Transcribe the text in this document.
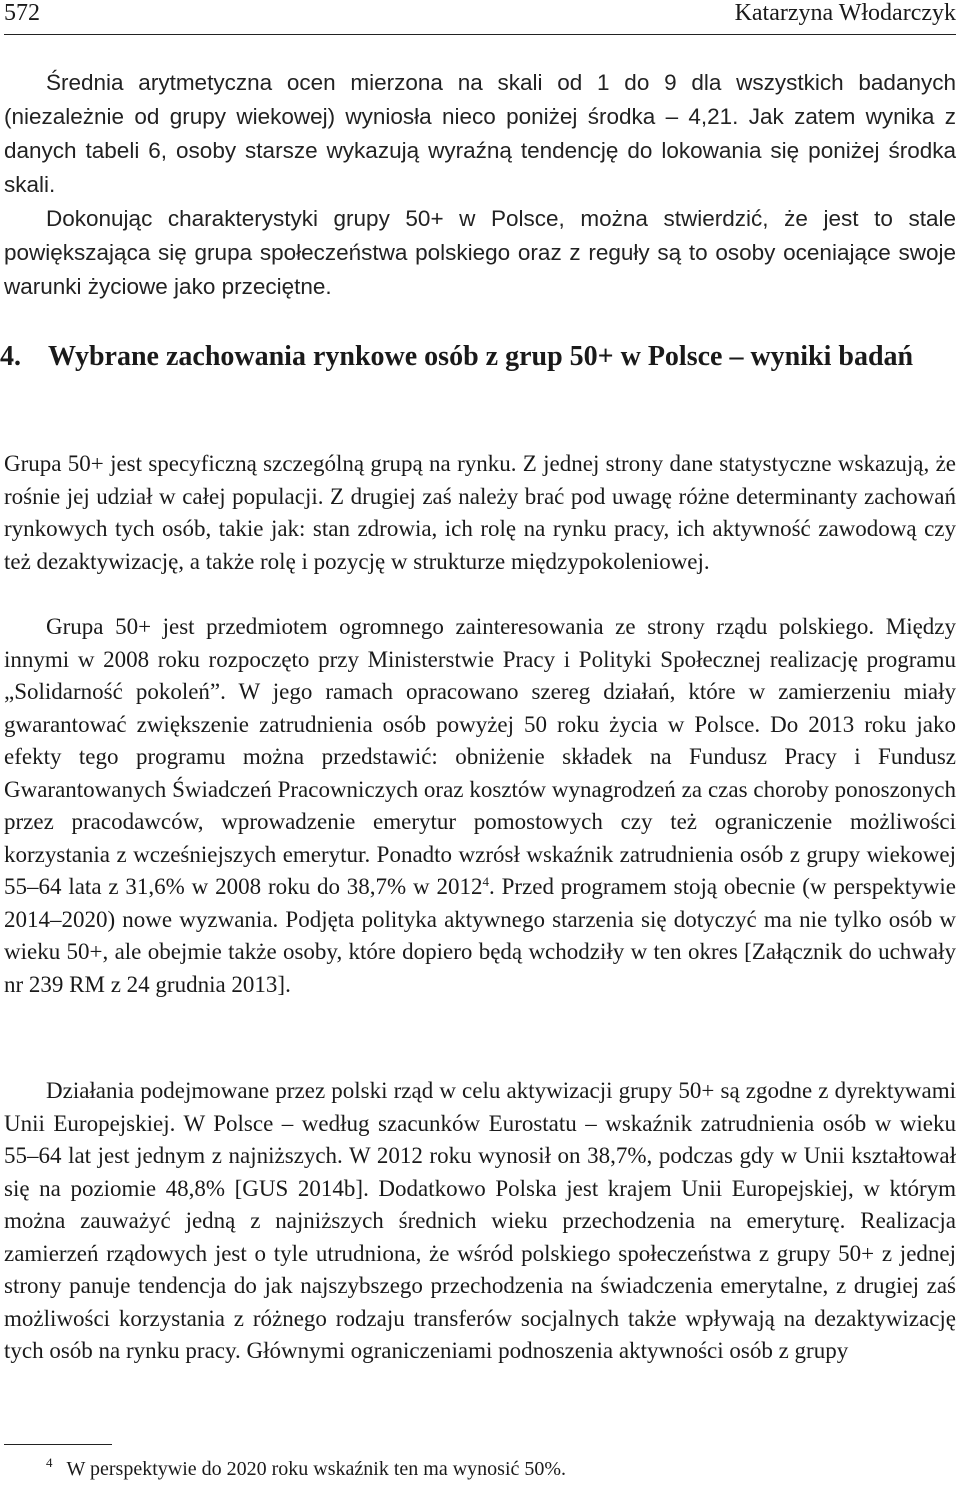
572	Katarzyna Włodarczyk

Średnia arytmetyczna ocen mierzona na skali od 1 do 9 dla wszystkich badanych (niezależnie od grupy wiekowej) wyniosła nieco poniżej środka – 4,21. Jak zatem wynika z danych tabeli 6, osoby starsze wykazują wyraźną tendencję do lokowania się poniżej środka skali.

Dokonując charakterystyki grupy 50+ w Polsce, można stwierdzić, że jest to stale powiększająca się grupa społeczeństwa polskiego oraz z reguły są to osoby oceniające swoje warunki życiowe jako przeciętne.

4. Wybrane zachowania rynkowe osób z grup 50+ w Polsce – wyniki badań

Grupa 50+ jest specyficzną szczególną grupą na rynku. Z jednej strony dane statystyczne wskazują, że rośnie jej udział w całej populacji. Z drugiej zaś należy brać pod uwagę różne determinanty zachowań rynkowych tych osób, takie jak: stan zdrowia, ich rolę na rynku pracy, ich aktywność zawodową czy też dezaktywizację, a także rolę i pozycję w strukturze międzypokoleniowej.

Grupa 50+ jest przedmiotem ogromnego zainteresowania ze strony rządu polskiego. Między innymi w 2008 roku rozpoczęto przy Ministerstwie Pracy i Polityki Społecznej realizację programu „Solidarność pokoleń”. W jego ramach opracowano szereg działań, które w zamierzeniu miały gwarantować zwiększenie zatrudnienia osób powyżej 50 roku życia w Polsce. Do 2013 roku jako efekty tego programu można przedstawić: obniżenie składek na Fundusz Pracy i Fundusz Gwarantowanych Świadczeń Pracowniczych oraz kosztów wynagrodzeń za czas choroby ponoszonych przez pracodawców, wprowadzenie emerytur pomostowych czy też ograniczenie możliwości korzystania z wcześniejszych emerytur. Ponadto wzrósł wskaźnik zatrudnienia osób z grupy wiekowej 55–64 lata z 31,6% w 2008 roku do 38,7% w 2012$^4$. Przed programem stoją obecnie (w perspektywie 2014–2020) nowe wyzwania. Podjęta polityka aktywnego starzenia się dotyczyć ma nie tylko osób w wieku 50+, ale obejmie także osoby, które dopiero będą wchodziły w ten okres [Załącznik do uchwały nr 239 RM z 24 grudnia 2013].

Działania podejmowane przez polski rząd w celu aktywizacji grupy 50+ są zgodne z dyrektywami Unii Europejskiej. W Polsce – według szacunków Eurostatu – wskaźnik zatrudnienia osób w wieku 55–64 lat jest jednym z najniższych. W 2012 roku wynosił on 38,7%, podczas gdy w Unii kształtował się na poziomie 48,8% [GUS 2014b]. Dodatkowo Polska jest krajem Unii Europejskiej, w którym można zauważyć jedną z najniższych średnich wieku przechodzenia na emeryturę. Realizacja zamierzeń rządowych jest o tyle utrudniona, że wśród polskiego społeczeństwa z grupy 50+ z jednej strony panuje tendencja do jak najszybszego przechodzenia na świadczenia emerytalne, z drugiej zaś możliwości korzystania z różnego rodzaju transferów socjalnych także wpływają na dezaktywizację tych osób na rynku pracy. Głównymi ograniczeniami podnoszenia aktywności osób z grupy

$^4$ W perspektywie do 2020 roku wskaźnik ten ma wynosić 50%.
